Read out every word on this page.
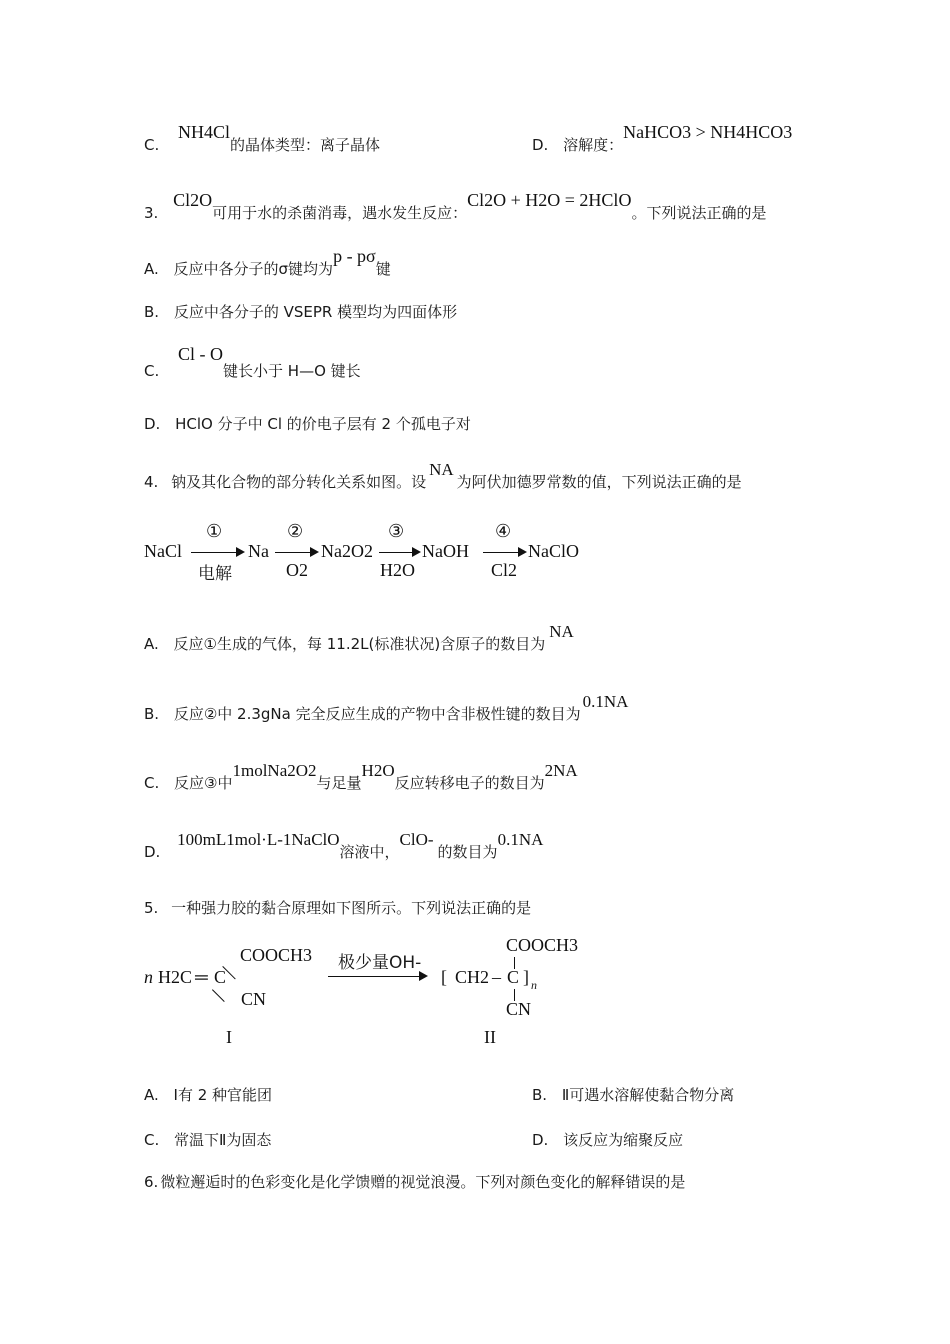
C. NH4Cl的晶体类型：离子晶体	D. 溶解度：NaHCO3 > NH4HCO3
3. Cl2O可用于水的杀菌消毒，遇水发生反应：Cl2O + H2O = 2HClO。下列说法正确的是
A. 反应中各分子的σ键均为p - pσ键
B. 反应中各分子的 VSEPR 模型均为四面体形
C. Cl - O键长小于 H—O 键长
D. HClO 分子中 Cl 的价电子层有 2 个孤电子对
4. 钠及其化合物的部分转化关系如图。设NA为阿伏加德罗常数的值，下列说法正确的是
NaCl
①
电解
Na
②
O2
Na2O2
③
H2O
NaOH
④
Cl2
NaClO
A. 反应①生成的气体，每 11.2L(标准状况)含原子的数目为NA
B. 反应②中 2.3gNa 完全反应生成的产物中含非极性键的数目为0.1NA
C. 反应③中1molNa2O2与足量H2O反应转移电子的数目为2NA
D. 100mL1mol·L-1NaClO溶液中，ClO-的数目为0.1NA
5. 一种强力胶的黏合原理如下图所示。下列说法正确的是
n H2C ═ C
COOCH3
CN
极少量OH-
COOCH3
[ CH2 – C ] n
CN
I	II
A. Ⅰ有 2 种官能团	B. Ⅱ可遇水溶解使黏合物分离
C. 常温下Ⅱ为固态	D. 该反应为缩聚反应
6. 微粒邂逅时的色彩变化是化学馈赠的视觉浪漫。下列对颜色变化的解释错误的是
